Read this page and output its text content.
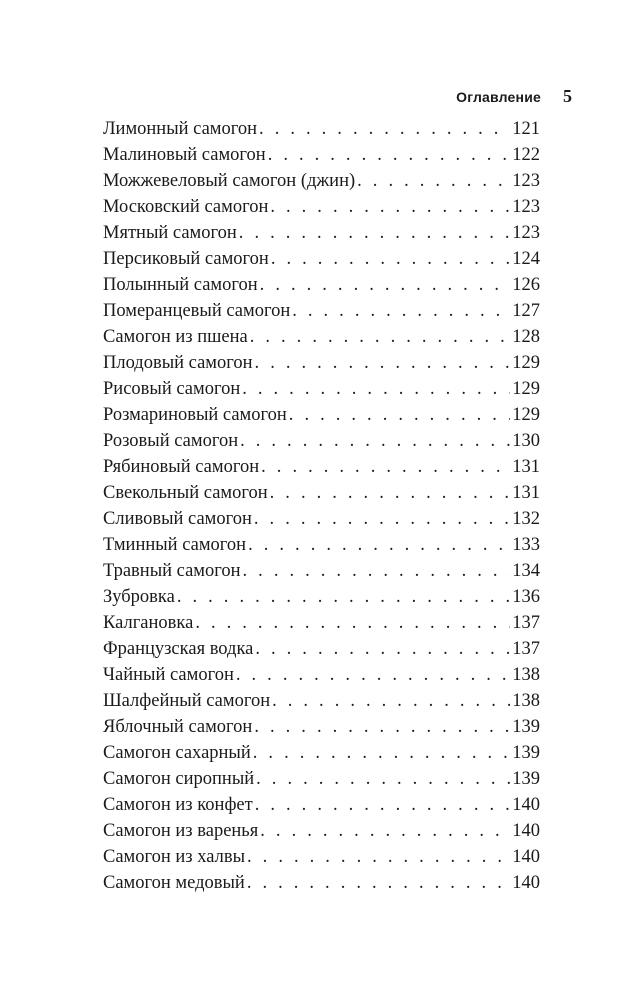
Оглавление 5
Лимонный самогон . . .	121
Малиновый самогон . . .	122
Можжевеловый самогон (джин) . . .	123
Московский самогон . . .	123
Мятный самогон . . .	123
Персиковый самогон . . .	124
Полынный самогон . . .	126
Померанцевый самогон . . .	127
Самогон из пшена . . .	128
Плодовый самогон . . .	129
Рисовый самогон . . .	129
Розмариновый самогон . . .	129
Розовый самогон . . .	130
Рябиновый самогон . . .	131
Свекольный самогон . . .	131
Сливовый самогон . . .	132
Тминный самогон . . .	133
Травный самогон . . .	134
Зубровка . . .	136
Калгановка . . .	137
Французская водка . . .	137
Чайный самогон . . .	138
Шалфейный самогон . . .	138
Яблочный самогон . . .	139
Самогон сахарный . . .	139
Самогон сиропный . . .	139
Самогон из конфет . . .	140
Самогон из варенья . . .	140
Самогон из халвы . . .	140
Самогон медовый . . .	140
